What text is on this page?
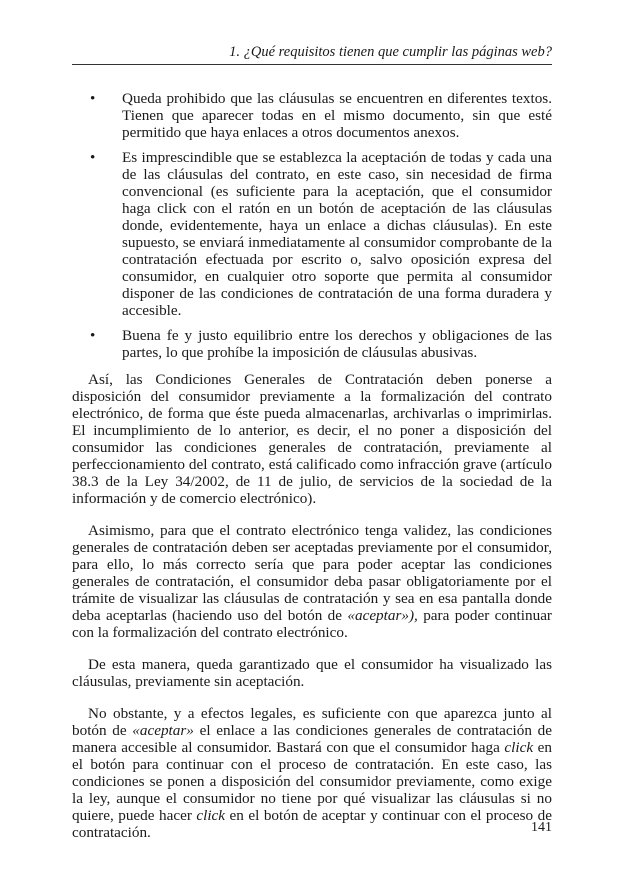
1. ¿Qué requisitos tienen que cumplir las páginas web?
• Queda prohibido que las cláusulas se encuentren en diferentes textos. Tienen que aparecer todas en el mismo documento, sin que esté permitido que haya enlaces a otros documentos anexos.
• Es imprescindible que se establezca la aceptación de todas y cada una de las cláusulas del contrato, en este caso, sin necesidad de firma convencional (es suficiente para la aceptación, que el consumidor haga click con el ratón en un botón de aceptación de las cláusulas donde, evidentemente, haya un enlace a dichas cláusulas). En este supuesto, se enviará inmediatamente al consumidor comprobante de la contratación efectuada por escrito o, salvo oposición expresa del consumidor, en cualquier otro soporte que permita al consumidor disponer de las condiciones de contratación de una forma duradera y accesible.
• Buena fe y justo equilibrio entre los derechos y obligaciones de las partes, lo que prohíbe la imposición de cláusulas abusivas.

Así, las Condiciones Generales de Contratación deben ponerse a disposición del consumidor previamente a la formalización del contrato electrónico, de forma que éste pueda almacenarlas, archivarlas o imprimirlas. El incumplimiento de lo anterior, es decir, el no poner a disposición del consumidor las condiciones generales de contratación, previamente al perfeccionamiento del contrato, está calificado como infracción grave (artículo 38.3 de la Ley 34/2002, de 11 de julio, de servicios de la sociedad de la información y de comercio electrónico).

Asimismo, para que el contrato electrónico tenga validez, las condiciones generales de contratación deben ser aceptadas previamente por el consumidor, para ello, lo más correcto sería que para poder aceptar las condiciones generales de contratación, el consumidor deba pasar obligatoriamente por el trámite de visualizar las cláusulas de contratación y sea en esa pantalla donde deba aceptarlas (haciendo uso del botón de «aceptar»), para poder continuar con la formalización del contrato electrónico.

De esta manera, queda garantizado que el consumidor ha visualizado las cláusulas, previamente sin aceptación.

No obstante, y a efectos legales, es suficiente con que aparezca junto al botón de «aceptar» el enlace a las condiciones generales de contratación de manera accesible al consumidor. Bastará con que el consumidor haga click en el botón para continuar con el proceso de contratación. En este caso, las condiciones se ponen a disposición del consumidor previamente, como exige la ley, aunque el consumidor no tiene por qué visualizar las cláusulas si no quiere, puede hacer click en el botón de aceptar y continuar con el proceso de contratación.	141
